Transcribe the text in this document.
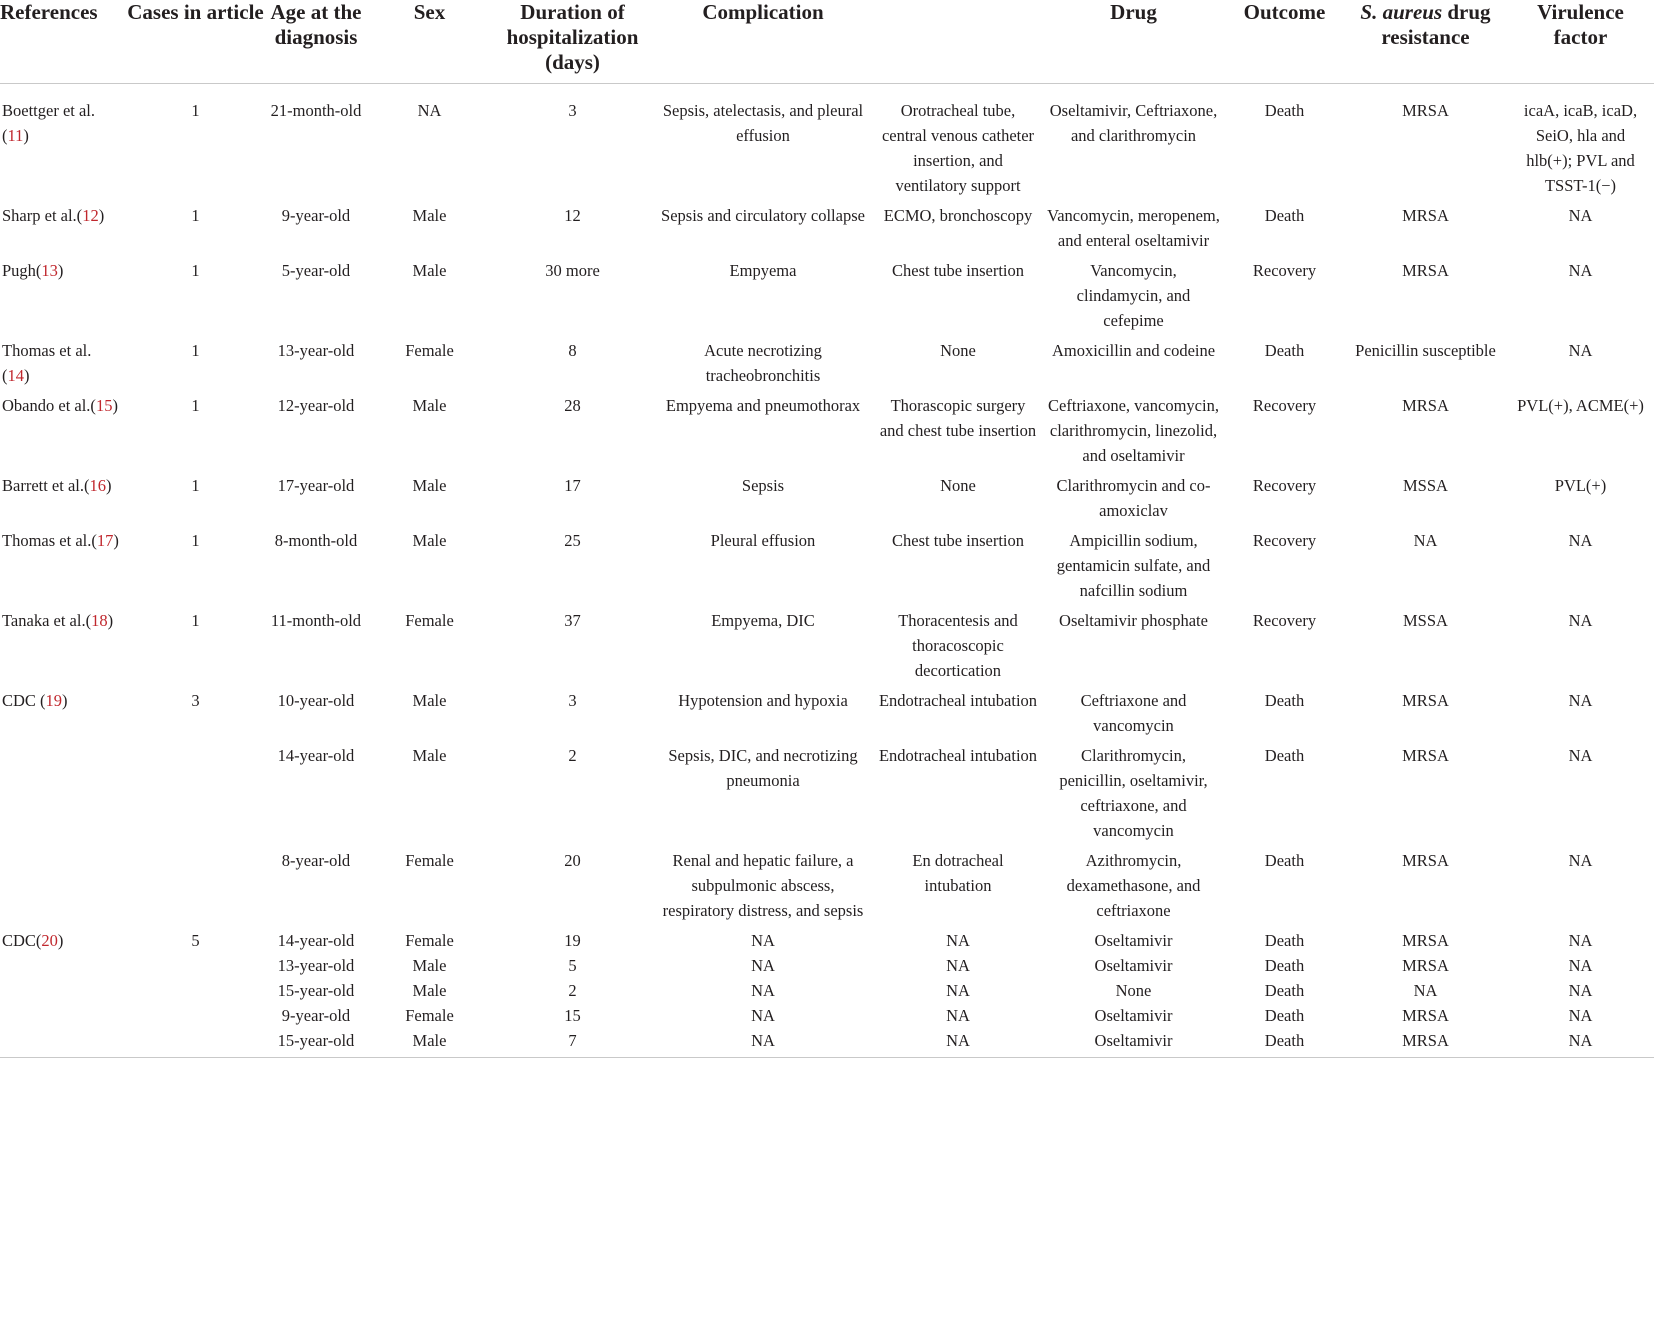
References	Cases in article	Age at the diagnosis	Sex	Duration of hospitalization (days)	Complication		Drug	Outcome	S. aureus drug resistance	Virulence factor

Boettger et al.(11)	1	21-month-old	NA	3	Sepsis, atelectasis, and pleural effusion	Orotracheal tube, central venous catheter insertion, and ventilatory support	Oseltamivir, Ceftriaxone, and clarithromycin	Death	MRSA	icaA, icaB, icaD, SeiO, hla and hlb(+); PVL and TSST-1(−)
Sharp et al.(12)	1	9-year-old	Male	12	Sepsis and circulatory collapse	ECMO, bronchoscopy	Vancomycin, meropenem, and enteral oseltamivir	Death	MRSA	NA
Pugh(13)	1	5-year-old	Male	30 more	Empyema	Chest tube insertion	Vancomycin, clindamycin, and cefepime	Recovery	MRSA	NA
Thomas et al. (14)	1	13-year-old	Female	8	Acute necrotizing tracheobronchitis	None	Amoxicillin and codeine	Death	Penicillin susceptible	NA
Obando et al.(15)	1	12-year-old	Male	28	Empyema and pneumothorax	Thorascopic surgery and chest tube insertion	Ceftriaxone, vancomycin, clarithromycin, linezolid, and oseltamivir	Recovery	MRSA	PVL(+), ACME(+)
Barrett et al.(16)	1	17-year-old	Male	17	Sepsis	None	Clarithromycin and co-amoxiclav	Recovery	MSSA	PVL(+)
Thomas et al.(17)	1	8-month-old	Male	25	Pleural effusion	Chest tube insertion	Ampicillin sodium, gentamicin sulfate, and nafcillin sodium	Recovery	NA	NA
Tanaka et al.(18)	1	11-month-old	Female	37	Empyema, DIC	Thoracentesis and thoracoscopic decortication	Oseltamivir phosphate	Recovery	MSSA	NA
CDC (19)	3	10-year-old	Male	3	Hypotension and hypoxia	Endotracheal intubation	Ceftriaxone and vancomycin	Death	MRSA	NA
		14-year-old	Male	2	Sepsis, DIC, and necrotizing pneumonia	Endotracheal intubation	Clarithromycin, penicillin, oseltamivir, ceftriaxone, and vancomycin	Death	MRSA	NA
		8-year-old	Female	20	Renal and hepatic failure, a subpulmonic abscess, respiratory distress, and sepsis	En dotracheal intubation	Azithromycin, dexamethasone, and ceftriaxone	Death	MRSA	NA
CDC(20)	5	14-year-old	Female	19	NA	NA	Oseltamivir	Death	MRSA	NA
		13-year-old	Male	5	NA	NA	Oseltamivir	Death	MRSA	NA
		15-year-old	Male	2	NA	NA	None	Death	NA	NA
		9-year-old	Female	15	NA	NA	Oseltamivir	Death	MRSA	NA
		15-year-old	Male	7	NA	NA	Oseltamivir	Death	MRSA	NA
